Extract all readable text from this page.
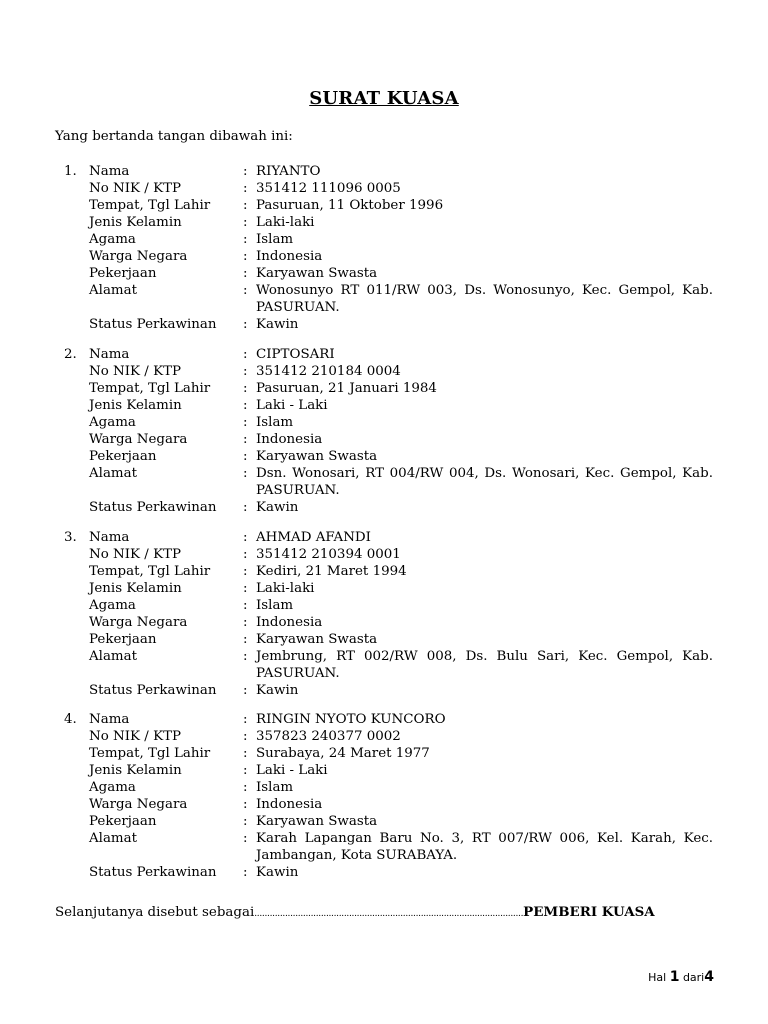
SURAT KUASA
Yang bertanda tangan dibawah ini:
1. Nama	: RIYANTO
No NIK / KTP	: 351412 111096 0005
Tempat, Tgl Lahir : Pasuruan, 11 Oktober 1996
Jenis Kelamin	: Laki-laki
Agama	: Islam
Warga Negara	: Indonesia
Pekerjaan	: Karyawan Swasta
Alamat	: Wonosunyo RT 011/RW 003, Ds. Wonosunyo, Kec. Gempol, Kab. PASURUAN.
Status Perkawinan : Kawin
2. Nama	: CIPTOSARI
No NIK / KTP	: 351412 210184 0004
Tempat, Tgl Lahir : Pasuruan, 21 Januari 1984
Jenis Kelamin	: Laki - Laki
Agama	: Islam
Warga Negara	: Indonesia
Pekerjaan	: Karyawan Swasta
Alamat	: Dsn. Wonosari, RT 004/RW 004, Ds. Wonosari, Kec. Gempol, Kab. PASURUAN.
Status Perkawinan : Kawin
3. Nama	: AHMAD AFANDI
No NIK / KTP	: 351412 210394 0001
Tempat, Tgl Lahir : Kediri, 21 Maret 1994
Jenis Kelamin	: Laki-laki
Agama	: Islam
Warga Negara	: Indonesia
Pekerjaan	: Karyawan Swasta
Alamat	: Jembrung, RT 002/RW 008, Ds. Bulu Sari, Kec. Gempol, Kab. PASURUAN.
Status Perkawinan : Kawin
4. Nama	: RINGIN NYOTO KUNCORO
No NIK / KTP	: 357823 240377 0002
Tempat, Tgl Lahir : Surabaya, 24 Maret 1977
Jenis Kelamin	: Laki - Laki
Agama	: Islam
Warga Negara	: Indonesia
Pekerjaan	: Karyawan Swasta
Alamat	: Karah Lapangan Baru No. 3, RT 007/RW 006, Kel. Karah, Kec. Jambangan, Kota SURABAYA.
Status Perkawinan : Kawin
Selanjutanya disebut sebagai.........................................................................................................PEMBERI KUASA
Hal 1 dari4
